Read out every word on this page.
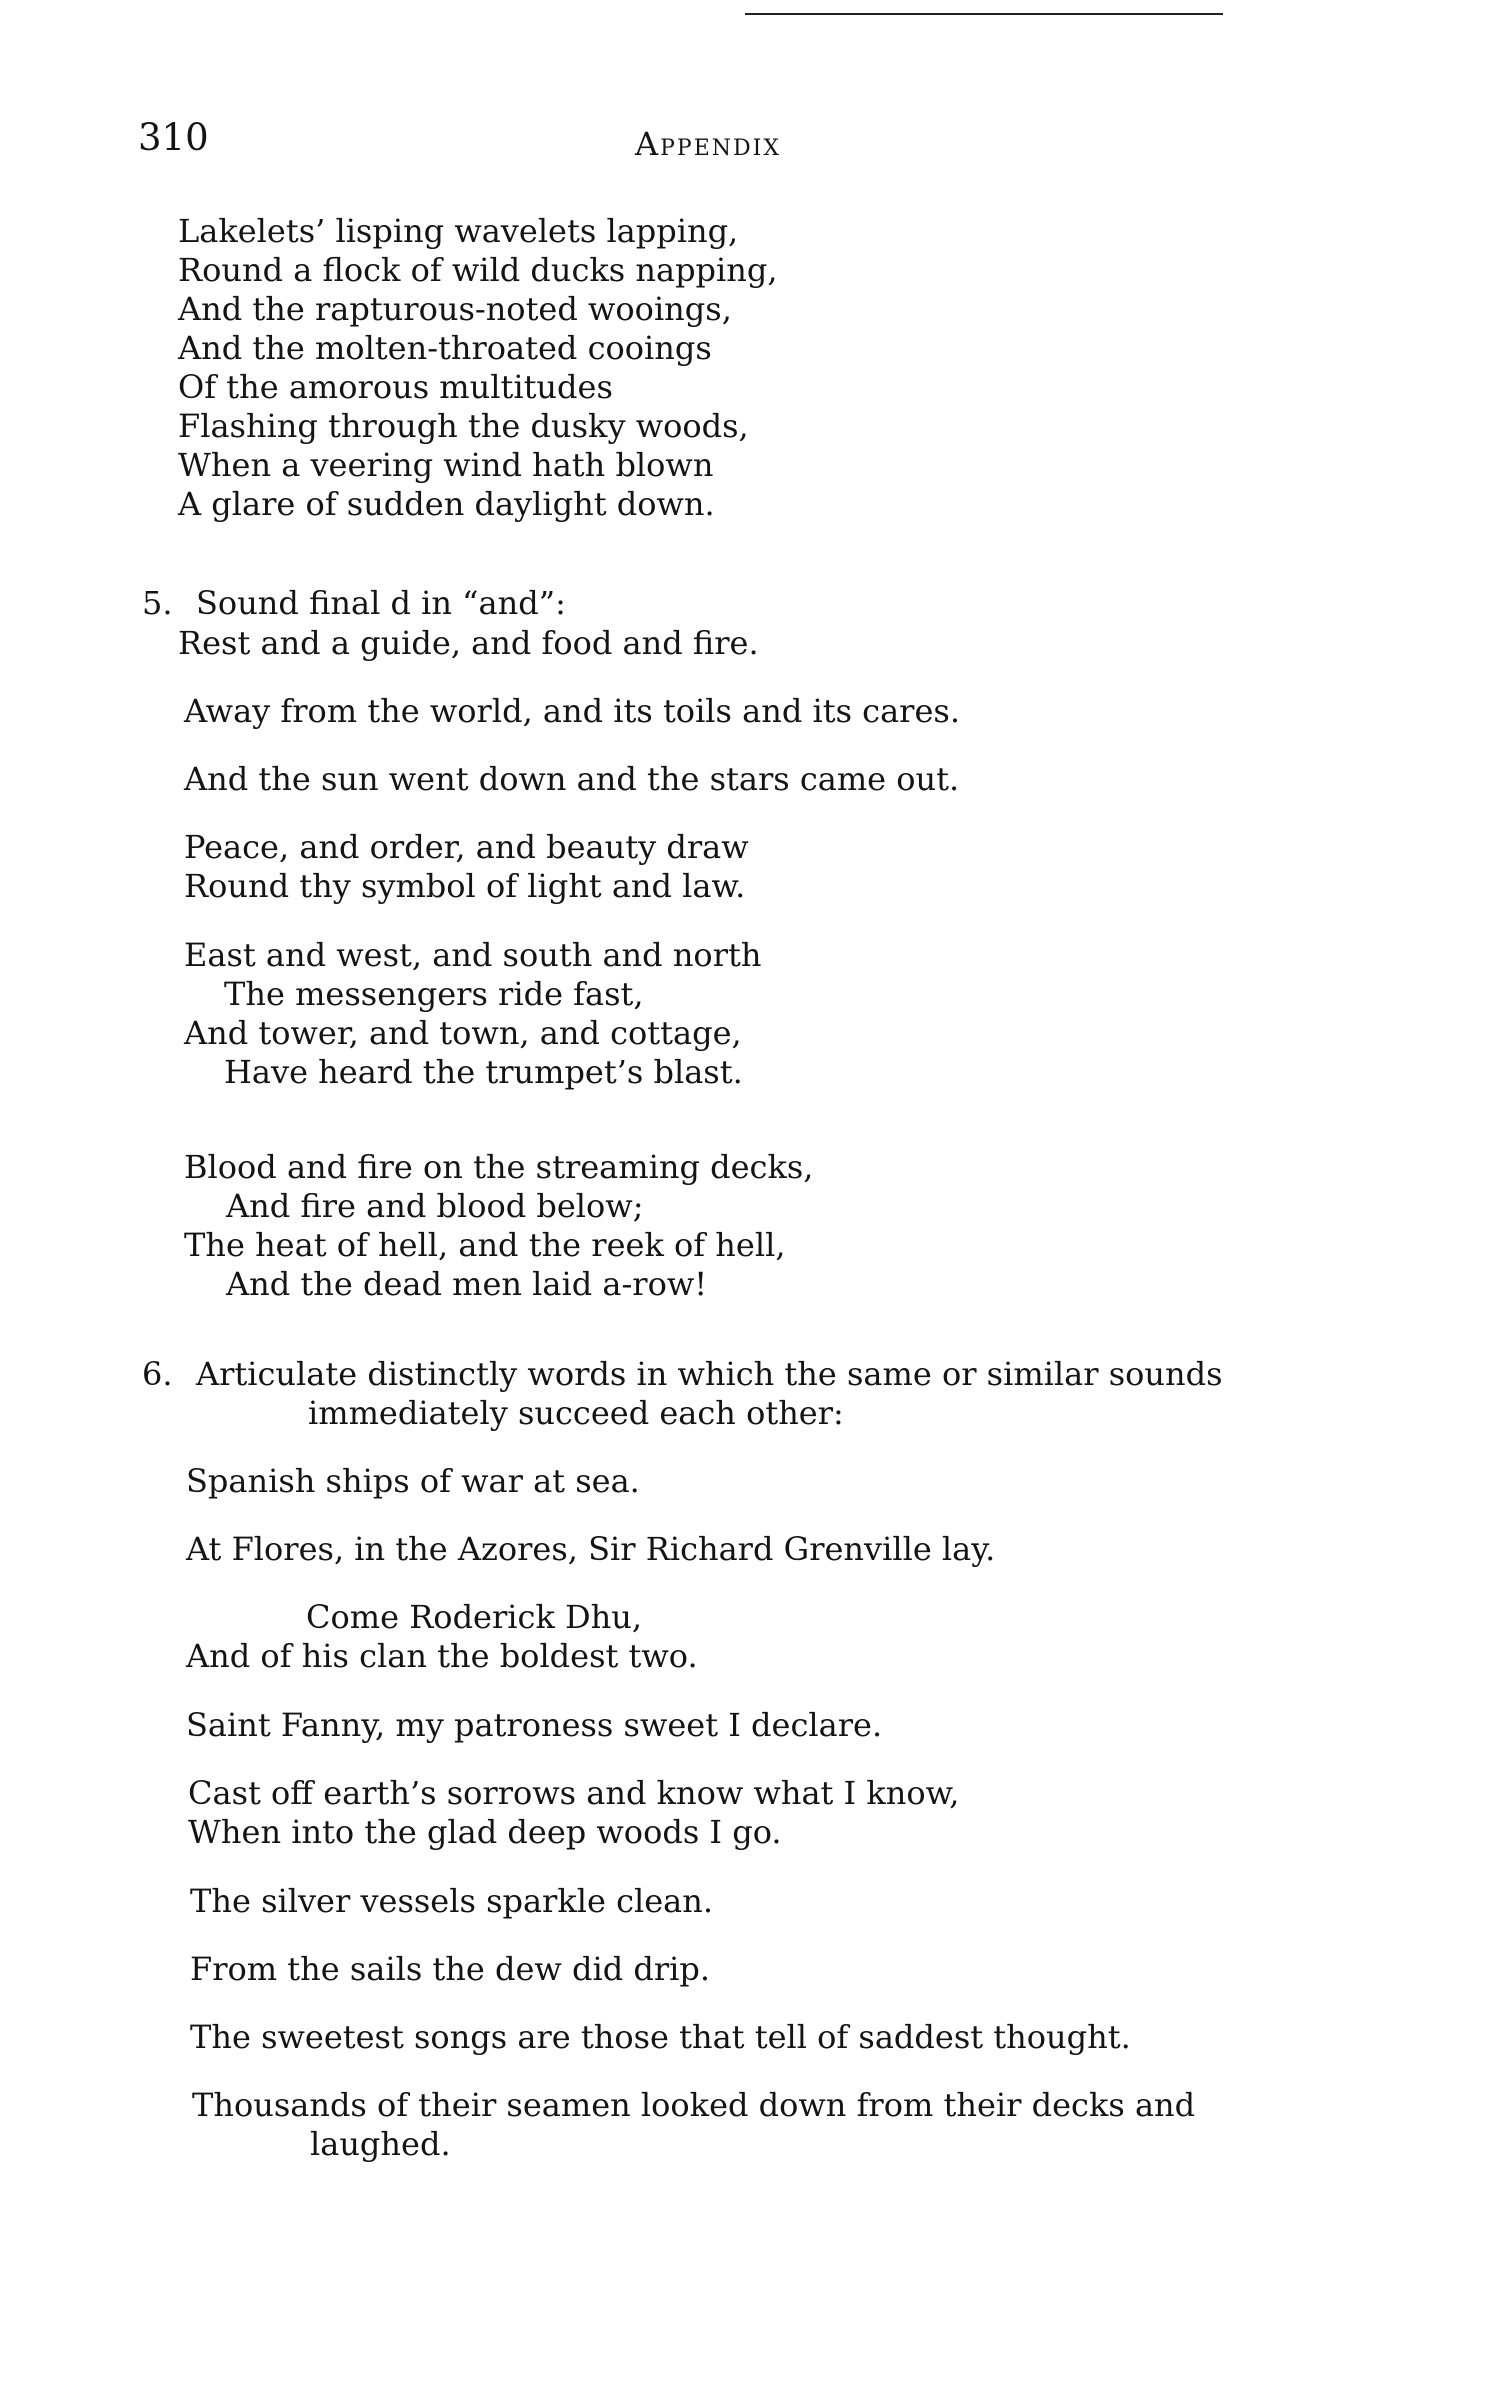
310	Appendix
Lakelets’ lisping wavelets lapping,
Round a flock of wild ducks napping,
And the rapturous-noted wooings,
And the molten-throated cooings
Of the amorous multitudes
Flashing through the dusky woods,
When a veering wind hath blown
A glare of sudden daylight down.
5. Sound final d in “and”:
Rest and a guide, and food and fire.
Away from the world, and its toils and its cares.
And the sun went down and the stars came out.
Peace, and order, and beauty draw
Round thy symbol of light and law.
East and west, and south and north
The messengers ride fast,
And tower, and town, and cottage,
Have heard the trumpet’s blast.
Blood and fire on the streaming decks,
And fire and blood below;
The heat of hell, and the reek of hell,
And the dead men laid a-row!
6. Articulate distinctly words in which the same or similar sounds
immediately succeed each other:
Spanish ships of war at sea.
At Flores, in the Azores, Sir Richard Grenville lay.
Come Roderick Dhu,
And of his clan the boldest two.
Saint Fanny, my patroness sweet I declare.
Cast off earth’s sorrows and know what I know,
When into the glad deep woods I go.
The silver vessels sparkle clean.
From the sails the dew did drip.
The sweetest songs are those that tell of saddest thought.
Thousands of their seamen looked down from their decks and
laughed.
